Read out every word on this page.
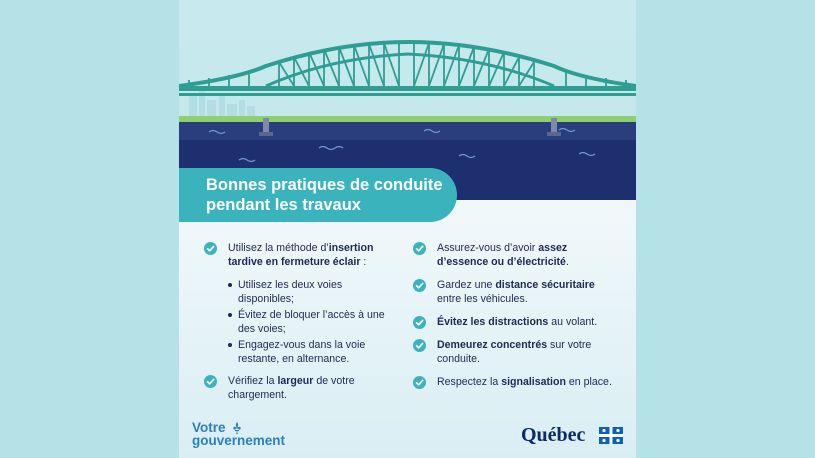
Bonnes pratiques de conduite
pendant les travaux
Utilisez la méthode d’insertion tardive en fermeture éclair :
Utilisez les deux voies disponibles;
Évitez de bloquer l’accès à une des voies;
Engagez-vous dans la voie restante, en alternance.
Vérifiez la largeur de votre chargement.
Assurez-vous d’avoir assez d’essence ou d’électricité.
Gardez une distance sécuritaire entre les véhicules.
Évitez les distractions au volant.
Demeurez concentrés sur votre conduite.
Respectez la signalisation en place.
Votre
gouvernement	Québec
